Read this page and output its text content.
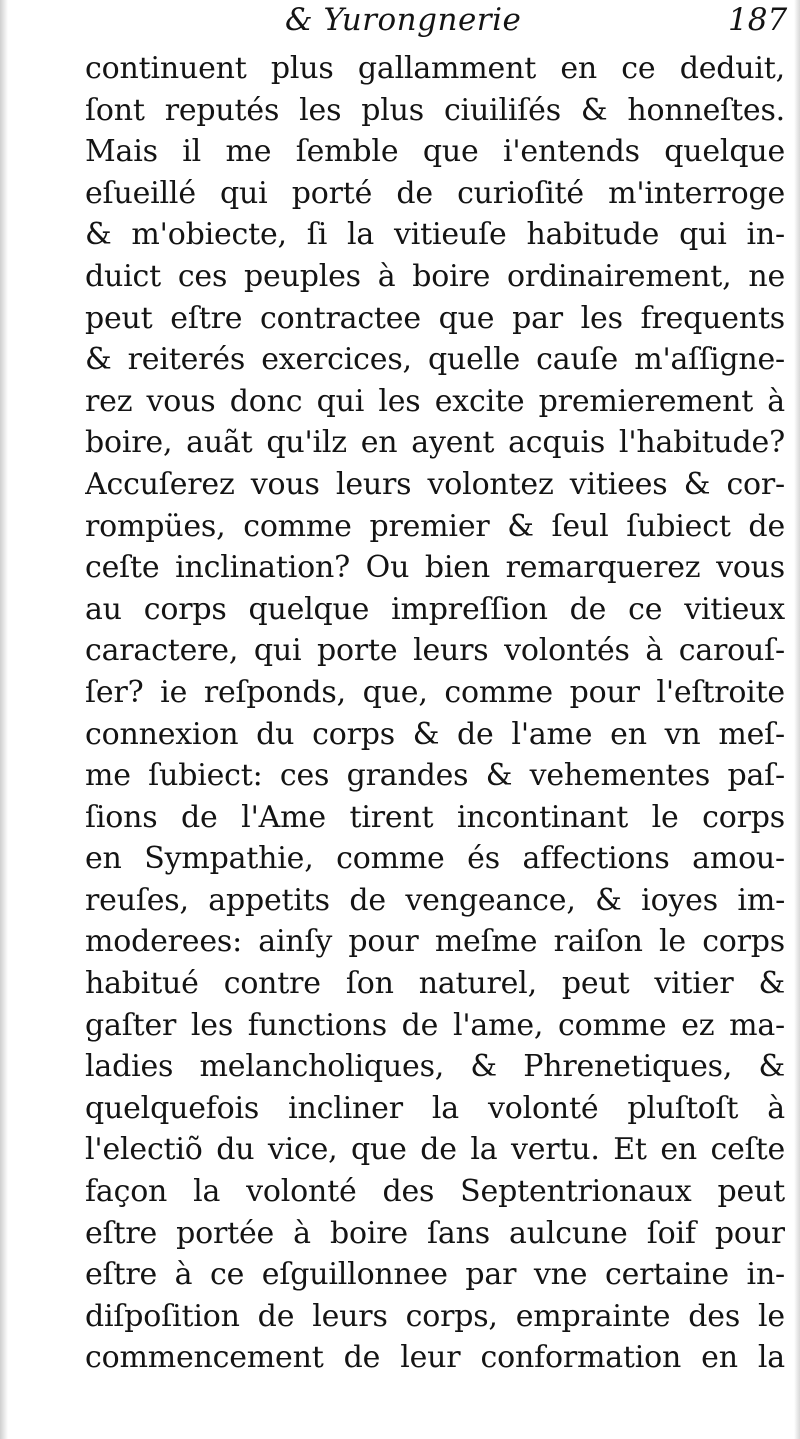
& Yurongnerie	187
continuent plus gallamment en ce deduit,
ſont reputés les plus ciuiliſés & honneſtes.
Mais il me ſemble que i'entends quelque
eſueillé qui porté de curioſité m'interroge
& m'obiecte, ſi la vitieuſe habitude qui in-
duict ces peuples à boire ordinairement, ne
peut eſtre contractee que par les frequents
& reiterés exercices, quelle cauſe m'aſſigne-
rez vous donc qui les excite premierement à
boire, auãt qu'ilz en ayent acquis l'habitude?
Accuſerez vous leurs volontez vitiees & cor-
rompües, comme premier & ſeul ſubiect de
ceſte inclination? Ou bien remarquerez vous
au corps quelque impreſſion de ce vitieux
caractere, qui porte leurs volontés à carouſ-
ſer? ie reſponds, que, comme pour l'eſtroite
connexion du corps & de l'ame en vn meſ-
me ſubiect: ces grandes & vehementes paſ-
ſions de l'Ame tirent incontinant le corps
en Sympathie, comme és affections amou-
reuſes, appetits de vengeance, & ioyes im-
moderees: ainſy pour meſme raiſon le corps
habitué contre ſon naturel, peut vitier &
gaſter les functions de l'ame, comme ez ma-
ladies melancholiques, & Phrenetiques, &
quelquefois incliner la volonté pluſtoſt à
l'electiõ du vice, que de la vertu. Et en ceſte
façon la volonté des Septentrionaux peut
eſtre portée à boire ſans aulcune ſoif pour
eſtre à ce eſguillonnee par vne certaine in-
diſpoſition de leurs corps, empraintе des le
commencement de leur conformation en la
